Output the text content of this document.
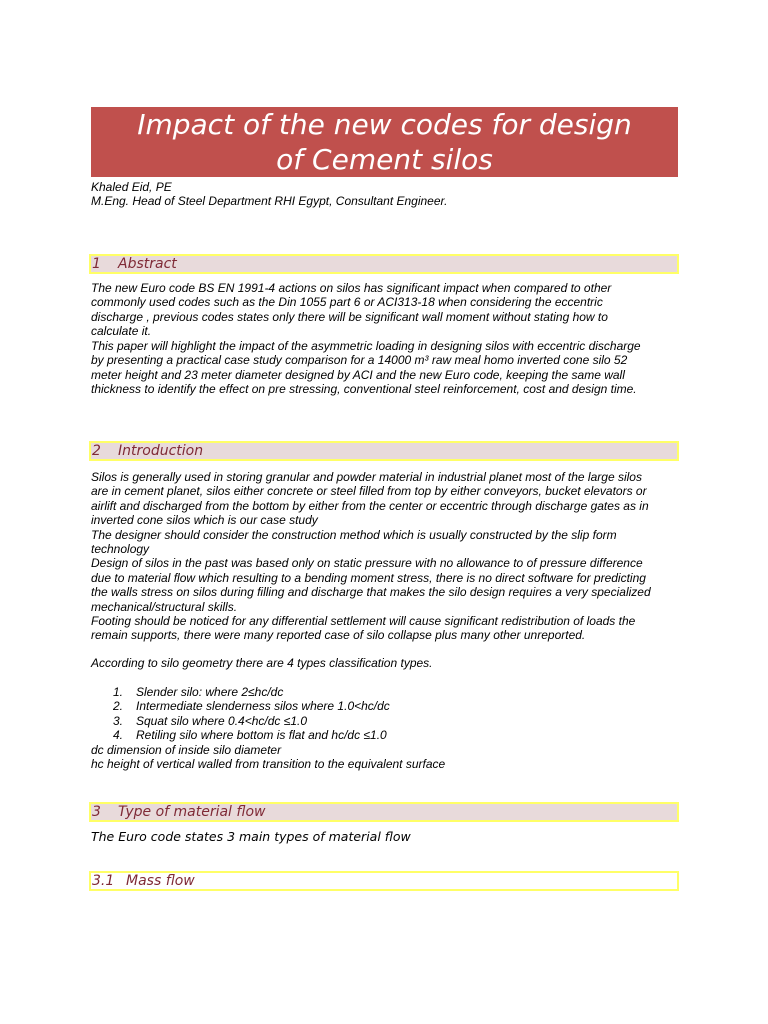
Impact of the new codes for design
of Cement silos
Khaled Eid, PE
M.Eng. Head of Steel Department RHI Egypt, Consultant Engineer.
1 Abstract

The new Euro code BS EN 1991-4 actions on silos has significant impact when compared to other

commonly used codes such as the Din 1055 part 6 or ACI313-18 when considering the eccentric

discharge , previous codes states only there will be significant wall moment without stating how to

calculate it.

This paper will highlight the impact of the asymmetric loading in designing silos with eccentric discharge

by presenting a practical case study comparison for a 14000 m³ raw meal homo inverted cone silo 52

meter height and 23 meter diameter designed by ACI and the new Euro code, keeping the same wall

thickness to identify the effect on pre stressing, conventional steel reinforcement, cost and design time.

2 Introduction

Silos is generally used in storing granular and powder material in industrial planet most of the large silos

are in cement planet, silos either concrete or steel filled from top by either conveyors, bucket elevators or

airlift and discharged from the bottom by either from the center or eccentric through discharge gates as in

inverted cone silos which is our case study

The designer should consider the construction method which is usually constructed by the slip form

technology

Design of silos in the past was based only on static pressure with no allowance to of pressure difference

due to material flow which resulting to a bending moment stress, there is no direct software for predicting

the walls stress on silos during filling and discharge that makes the silo design requires a very specialized

mechanical/structural skills.

Footing should be noticed for any differential settlement will cause significant redistribution of loads the

remain supports, there were many reported case of silo collapse plus many other unreported.

According to silo geometry there are 4 types classification types.
1. Slender silo: where 2≤hc/dc
2. Intermediate slenderness silos where 1.0<hc/dc
3. Squat silo where 0.4<hc/dc ≤1.0
4. Retiling silo where bottom is flat and hc/dc ≤1.0

dc dimension of inside silo diameter

hc height of vertical walled from transition to the equivalent surface

3 Type of material flow
The Euro code states 3 main types of material flow
3.1 Mass flow
